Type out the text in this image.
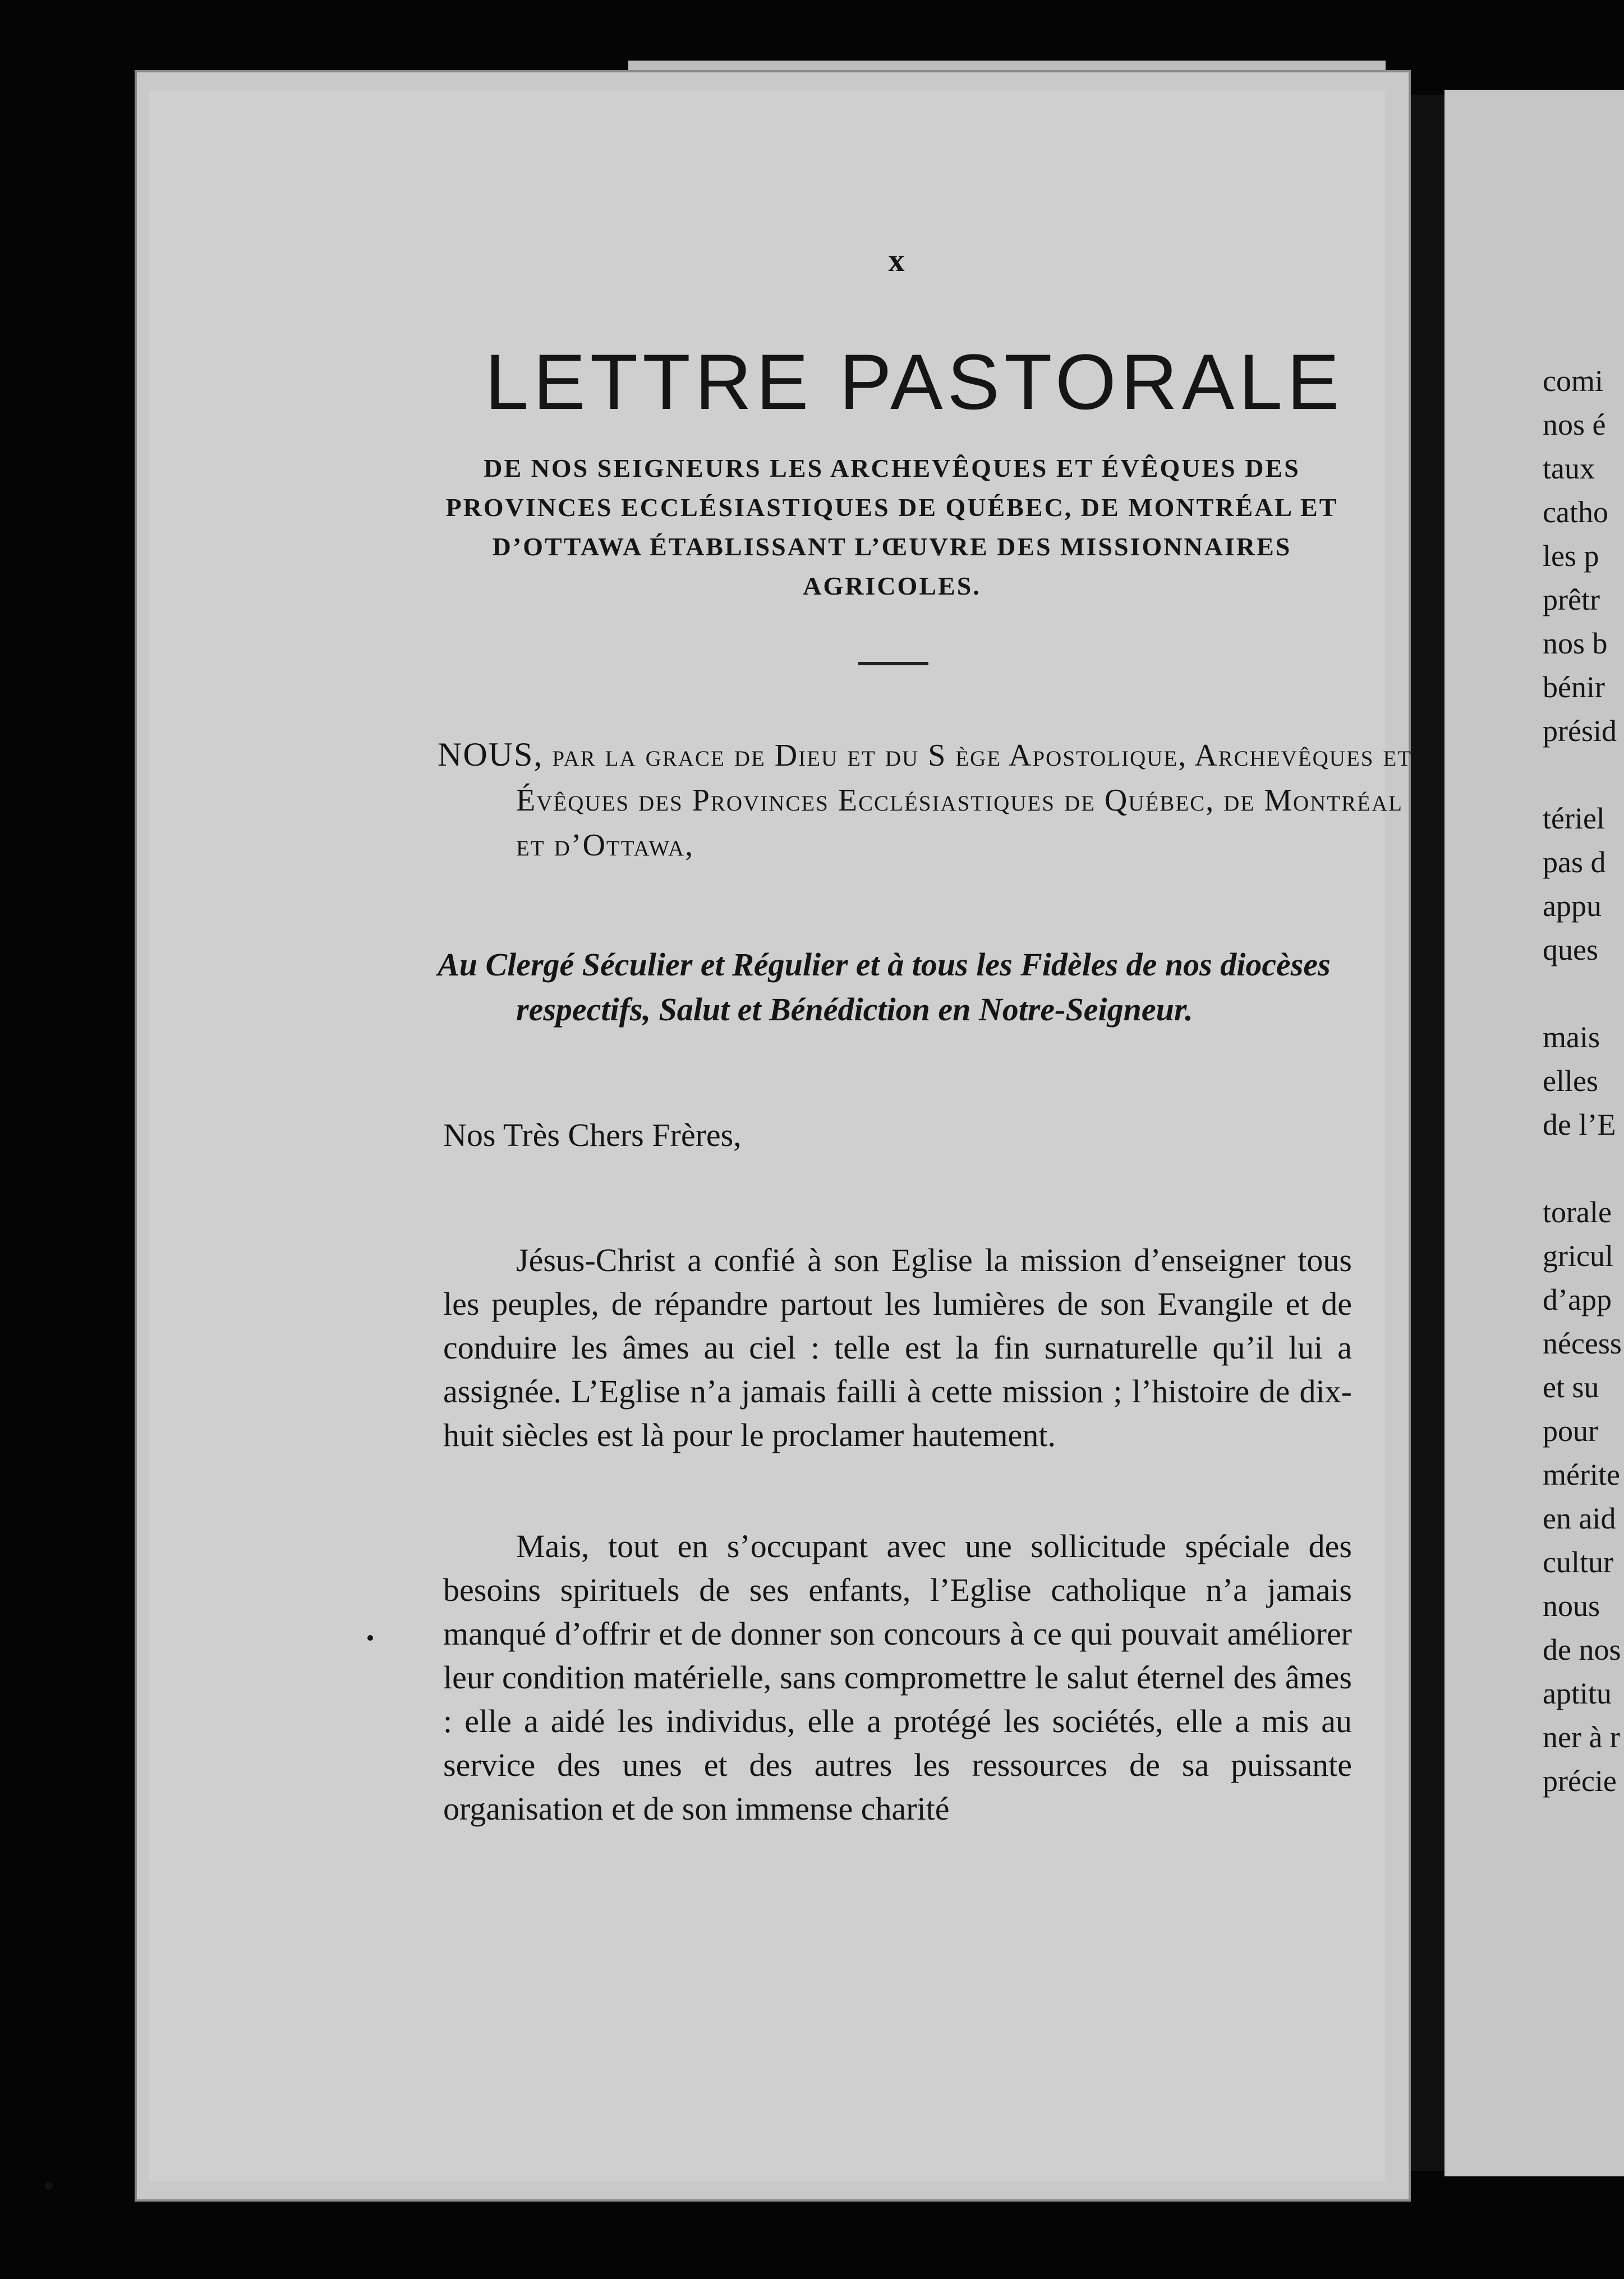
x
LETTRE PASTORALE
DE NOS SEIGNEURS LES ARCHEVÊQUES ET ÉVÊQUES DES PROVINCES ECCLÉSIASTIQUES DE QUÉBEC, DE MONTRÉAL ET D’OTTAWA ÉTABLISSANT L’ŒUVRE DES MISSIONNAIRES AGRICOLES.
NOUS, par la grace de Dieu et du S ège Apostolique, Archevêques et Évêques des Provinces Ecclésiastiques de Québec, de Montréal et d’Ottawa,
Au Clergé Séculier et Régulier et à tous les Fidèles de nos diocèses respectifs, Salut et Bénédiction en Notre-Seigneur.
Nos Très Chers Frères,

Jésus-Christ a confié à son Eglise la mission d’enseigner tous les peuples, de répandre partout les lumières de son Evangile et de conduire les âmes au ciel : telle est la fin surnaturelle qu’il lui a assignée. L’Eglise n’a jamais failli à cette mission ; l’histoire de dix-huit siècles est là pour le proclamer hautement.

Mais, tout en s’occupant avec une sollicitude spéciale des besoins spirituels de ses enfants, l’Eglise catholique n’a jamais manqué d’offrir et de donner son concours à ce qui pouvait améliorer leur condition matérielle, sans compromettre le salut éternel des âmes : elle a aidé les individus, elle a protégé les sociétés, elle a mis au service des unes et des autres les ressources de sa puissante organisation et de son immense charité

comi
nos é
taux
catho
les p
prêtr
nos b
bénir
présid
tériel
pas d
appu
ques
mais
elles
de l’E
torale
gricul
d’app
nécess
et su
pour
mérite
en aid
cultur
nous
de nos
aptitu
ner à r
précie
